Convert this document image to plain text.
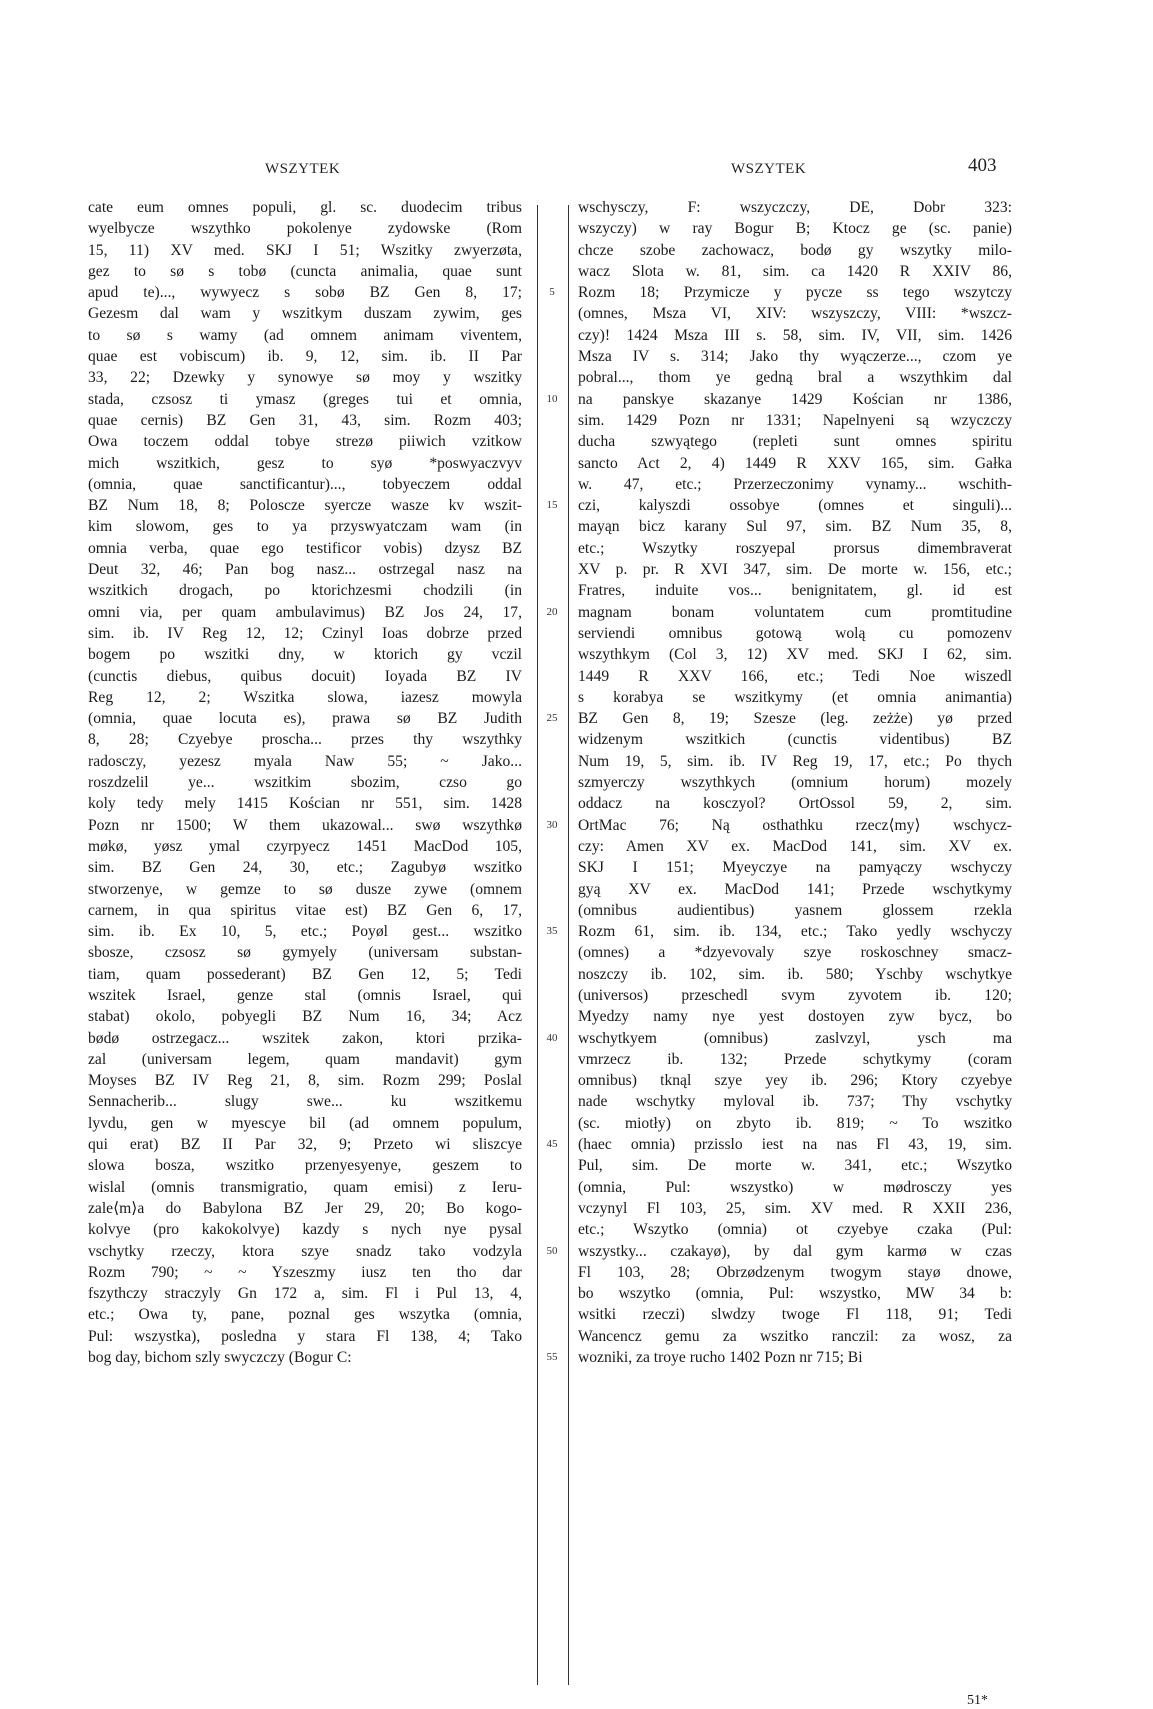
WSZYTEK	WSZYTEK	403

cate eum omnes populi, gl. sc. duodecim tribus

wyelbycze wszythko pokolenye zydowske (Rom

15, 11) XV med. SKJ I 51; Wszitky zwyerzøta,

gez to sø s tobø (cuncta animalia, quae sunt

apud te)..., wywyecz s sobø BZ Gen 8, 17;

Gezesm dal wam y wszitkym duszam zywim, ges

to sø s wamy (ad omnem animam viventem,

quae est vobiscum) ib. 9, 12, sim. ib. II Par

33, 22; Dzewky y synowye sø moy y wszitky

stada, czsosz ti ymasz (greges tui et omnia,

quae cernis) BZ Gen 31, 43, sim. Rozm 403;

Owa toczem oddal tobye strezø piiwich vzitkow

mich wszitkich, gesz to syø *poswyaczvyv

(omnia, quae sanctificantur)..., tobyeczem oddal

BZ Num 18, 8; Polosczе syercze wasze kv wszit-

kim slowom, ges to ya przyswyatczam wam (in

omnia verba, quae ego testificor vobis) dzysz BZ

Deut 32, 46; Pan bog nasz... ostrzegal nasz na

wszitkich drogach, po ktorichzesmi chodzili (in

omni via, per quam ambulavimus) BZ Jos 24, 17,

sim. ib. IV Reg 12, 12; Czinyl Ioas dobrze przed

bogem po wszitki dny, w ktorich gy vczil

(cunctis diebus, quibus docuit) Ioyada BZ IV

Reg 12, 2; Wszitka slowa, iazesz mowyla

(omnia, quae locuta es), prawa sø BZ Judith

8, 28; Czyebye proscha... przes thy wszythky

radosczy, yezesz myala Naw 55; ~ Jako...

roszdzelil ye... wszitkim sbozim, czso go

koly tedy mely 1415 Kościan nr 551, sim. 1428

Pozn nr 1500; W them ukazowal... swø wszythkø

møkø, yøsz ymal czyrpyecz 1451 MacDod 105,

sim. BZ Gen 24, 30, etc.; Zagubyø wszitko

stworzenye, w gemze to sø dusze zywe (omnem

carnem, in qua spiritus vitae est) BZ Gen 6, 17,

sim. ib. Ex 10, 5, etc.; Poyøl gest... wszitko

sbosze, czsosz sø gymyely (universam substan-

tiam, quam possederant) BZ Gen 12, 5; Tedi

wszitek Israel, genze stal (omnis Israel, qui

stabat) okolo, pobyegli BZ Num 16, 34; Acz

bødø ostrzegacz... wszitek zakon, ktori przika-

zal (universam legem, quam mandavit) gym

Moyses BZ IV Reg 21, 8, sim. Rozm 299; Poslal

Sennacherib... slugy swe... ku wszitkemu

lyvdu, gen w myescye bil (ad omnem populum,

qui erat) BZ II Par 32, 9; Przeto wi sliszcye

slowa bosza, wszitko przenyesyenye, geszem to

wislal (omnis transmigratio, quam emisi) z Ieru-

zale⟨m⟩a do Babylona BZ Jer 29, 20; Bo kogo-

kolvye (pro kakokolvye) kazdy s nych nye pysal

vschytky rzeczy, ktora szye snadz tako vodzyla

Rozm 790; ~ ~ Yszeszmy iusz ten tho dar

fszythczy straczyly Gn 172 a, sim. Fl i Pul 13, 4,

etc.; Owa ty, pane, poznal ges wszytka (omnia,

Pul: wszystka), posledna y stara Fl 138, 4; Tako

bog day, bichom szly swyczczy (Bogur C:

5
10
15
20
25
30
35
40
45
50
55

wschysczy, F: wszyczczy, DE, Dobr 323:

wszyczy) w ray Bogur B; Ktocz ge (sc. panie)

chcze szobe zachowacz, bodø gy wszytky milo-

wacz Slota w. 81, sim. ca 1420 R XXIV 86,

Rozm 18; Przymicze y pycze ss tego wszytczy

(omnes, Msza VI, XIV: wszyszczy, VIII: *wszcz-

czy)! 1424 Msza III s. 58, sim. IV, VII, sim. 1426

Msza IV s. 314; Jako thy wyączerze..., czom ye

pobral..., thom ye gedną bral a wszythkim dal

na panskye skazanye 1429 Kościan nr 1386,

sim. 1429 Pozn nr 1331; Napelnyeni są wzyczczy

ducha szwyątego (repleti sunt omnes spiritu

sancto Act 2, 4) 1449 R XXV 165, sim. Gałka

w. 47, etc.; Przerzeczonimy vynamy... wschith-

czi, kalyszdi ossobye (omnes et singuli)...

mayąn bicz karany Sul 97, sim. BZ Num 35, 8,

etc.; Wszytky roszyepal prorsus dimembraverat

XV p. pr. R XVI 347, sim. De morte w. 156, etc.;

Fratres, induite vos... benignitatem, gl. id est

magnam bonam voluntatem cum promtitudine

serviendi omnibus gotową wolą cu pomozenv

wszythkym (Col 3, 12) XV med. SKJ I 62, sim.

1449 R XXV 166, etc.; Tedi Noe wiszedl

s korabya se wszitkymy (et omnia animantia)

BZ Gen 8, 19; Szesze (leg. zeżże) yø przed

widzenym wszitkich (cunctis videntibus) BZ

Num 19, 5, sim. ib. IV Reg 19, 17, etc.; Po thych

szmyerczy wszythkych (omnium horum) mozely

oddacz na kosczyol? OrtOssol 59, 2, sim.

OrtMac 76; Ną osthathku rzecz⟨my⟩ wschycz-

czy: Amen XV ex. MacDod 141, sim. XV ex.

SKJ I 151; Myeyczye na pamyączy wschyczy

gyą XV ex. MacDod 141; Przede wschytkymy

(omnibus audientibus) yasnem glossem rzekla

Rozm 61, sim. ib. 134, etc.; Tako yedly wschyczy

(omnes) a *dzyevovaly szye roskoschney smacz-

noszczy ib. 102, sim. ib. 580; Yschby wschytkye

(universos) przeschedl svym zyvotem ib. 120;

Myedzy namy nye yest dostoyen zyw bycz, bo

wschytkyem (omnibus) zaslvzyl, ysch ma

vmrzecz ib. 132; Przede schytkymy (coram

omnibus) tknąl szye yey ib. 296; Ktory czyebye

nade wschytky myloval ib. 737; Thy vschytky

(sc. miotły) on zbyto ib. 819; ~ To wszitko

(haec omnia) przisslo iest na nas Fl 43, 19, sim.

Pul, sim. De morte w. 341, etc.; Wszytko

(omnia, Pul: wszystko) w mødrosczy yes

vczynyl Fl 103, 25, sim. XV med. R XXII 236,

etc.; Wszytko (omnia) ot czyebye czaka (Pul:

wszystky... czakayø), by dal gym karmø w czas

Fl 103, 28; Obrzødzenym twogym stayø dnowe,

bo wszytko (omnia, Pul: wszystko, MW 34 b:

wsitki rzeczi) slwdzy twoge Fl 118, 91; Tedi

Wancencz gemu za wszitko ranczil: za wosz, za

wozniki, za troye rucho 1402 Pozn nr 715; Bi

51*
